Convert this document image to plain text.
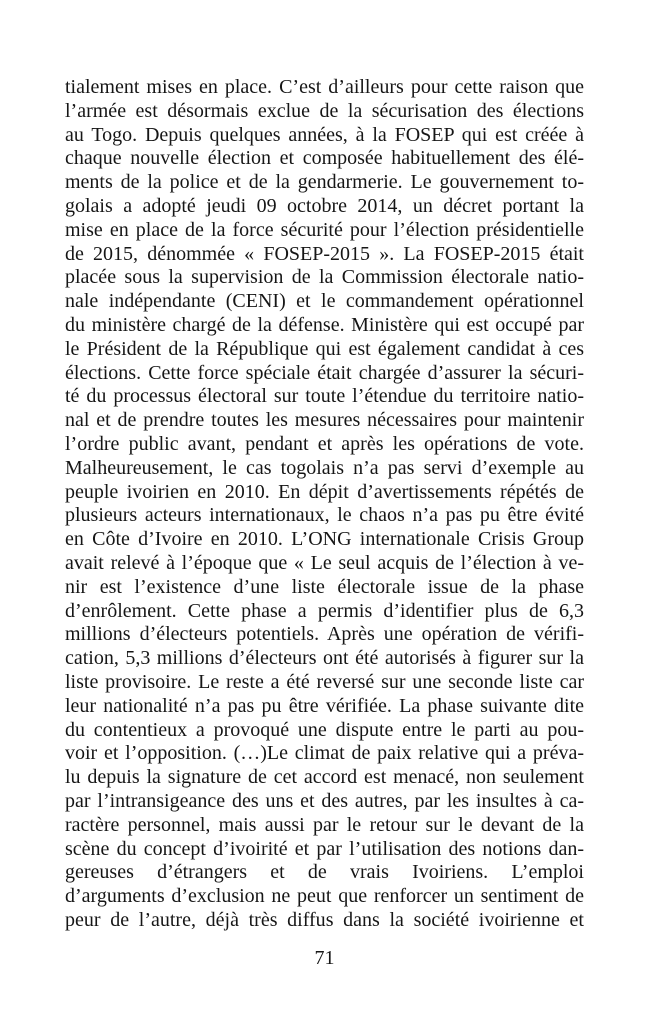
tialement mises en place. C’est d’ailleurs pour cette raison que
l’armée est désormais exclue de la sécurisation des élections
au Togo. Depuis quelques années, à la FOSEP qui est créée à
chaque nouvelle élection et composée habituellement des élé-
ments de la police et de la gendarmerie. Le gouvernement to-
golais a adopté jeudi 09 octobre 2014, un décret portant la
mise en place de la force sécurité pour l’élection présidentielle
de 2015, dénommée « FOSEP-2015 ». La FOSEP-2015 était
placée sous la supervision de la Commission électorale natio-
nale indépendante (CENI) et le commandement opérationnel
du ministère chargé de la défense. Ministère qui est occupé par
le Président de la République qui est également candidat à ces
élections. Cette force spéciale était chargée d’assurer la sécuri-
té du processus électoral sur toute l’étendue du territoire natio-
nal et de prendre toutes les mesures nécessaires pour maintenir
l’ordre public avant, pendant et après les opérations de vote.
Malheureusement, le cas togolais n’a pas servi d’exemple au
peuple ivoirien en 2010. En dépit d’avertissements répétés de
plusieurs acteurs internationaux, le chaos n’a pas pu être évité
en Côte d’Ivoire en 2010. L’ONG internationale Crisis Group
avait relevé à l’époque que « Le seul acquis de l’élection à ve-
nir est l’existence d’une liste électorale issue de la phase
d’enrôlement. Cette phase a permis d’identifier plus de 6,3
millions d’électeurs potentiels. Après une opération de vérifi-
cation, 5,3 millions d’électeurs ont été autorisés à figurer sur la
liste provisoire. Le reste a été reversé sur une seconde liste car
leur nationalité n’a pas pu être vérifiée. La phase suivante dite
du contentieux a provoqué une dispute entre le parti au pou-
voir et l’opposition. (…)Le climat de paix relative qui a préva-
lu depuis la signature de cet accord est menacé, non seulement
par l’intransigeance des uns et des autres, par les insultes à ca-
ractère personnel, mais aussi par le retour sur le devant de la
scène du concept d’ivoirité et par l’utilisation des notions dan-
gereuses d’étrangers et de vrais Ivoiriens. L’emploi
d’arguments d’exclusion ne peut que renforcer un sentiment de
peur de l’autre, déjà très diffus dans la société ivoirienne et
71
